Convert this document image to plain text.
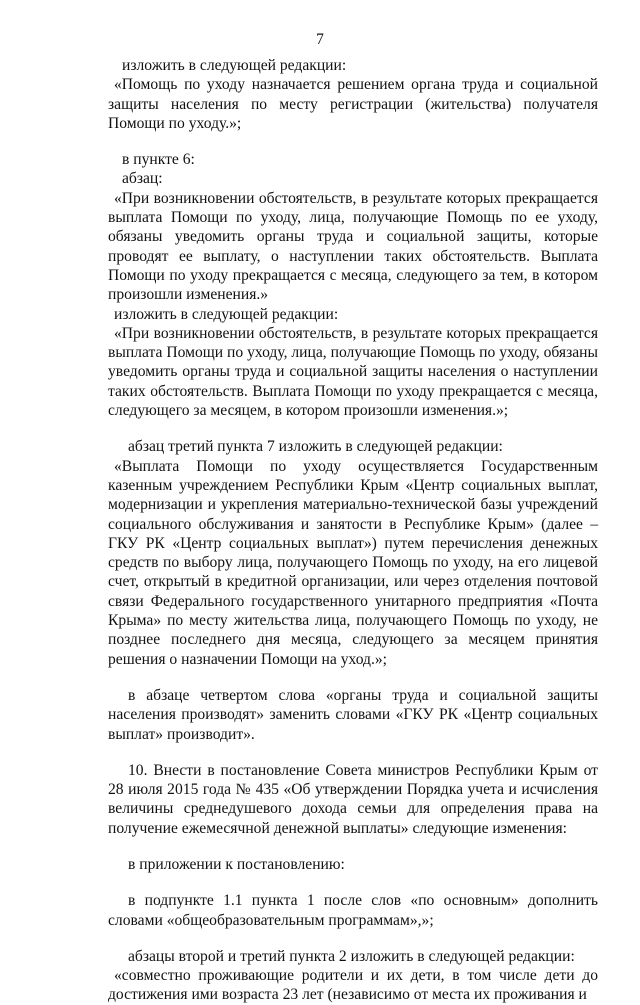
7

изложить в следующей редакции:

«Помощь по уходу назначается решением органа труда и социальной защиты населения по месту регистрации (жительства) получателя Помощи по уходу.»;

в пункте 6:

абзац:

«При возникновении обстоятельств, в результате которых прекращается выплата Помощи по уходу, лица, получающие Помощь по ее уходу, обязаны уведомить органы труда и социальной защиты, которые проводят ее выплату, о наступлении таких обстоятельств. Выплата Помощи по уходу прекращается с месяца, следующего за тем, в котором произошли изменения.»

изложить в следующей редакции:

«При возникновении обстоятельств, в результате которых прекращается выплата Помощи по уходу, лица, получающие Помощь по уходу, обязаны уведомить органы труда и социальной защиты населения о наступлении таких обстоятельств. Выплата Помощи по уходу прекращается с месяца, следующего за месяцем, в котором произошли изменения.»;

абзац третий пункта 7 изложить в следующей редакции:

«Выплата Помощи по уходу осуществляется Государственным казенным учреждением Республики Крым «Центр социальных выплат, модернизации и укрепления материально-технической базы учреждений социального обслуживания и занятости в Республике Крым» (далее – ГКУ РК «Центр социальных выплат») путем перечисления денежных средств по выбору лица, получающего Помощь по уходу, на его лицевой счет, открытый в кредитной организации, или через отделения почтовой связи Федерального государственного унитарного предприятия «Почта Крыма» по месту жительства лица, получающего Помощь по уходу, не позднее последнего дня месяца, следующего за месяцем принятия решения о назначении Помощи на уход.»;

в абзаце четвертом слова «органы труда и социальной защиты населения производят» заменить словами «ГКУ РК «Центр социальных выплат» производит».

10. Внести в постановление Совета министров Республики Крым от 28 июля 2015 года № 435 «Об утверждении Порядка учета и исчисления величины среднедушевого дохода семьи для определения права на получение ежемесячной денежной выплаты» следующие изменения:

в приложении к постановлению:

в подпункте 1.1 пункта 1 после слов «по основным» дополнить словами «общеобразовательным программам»,»;

абзацы второй и третий пункта 2 изложить в следующей редакции:

«совместно проживающие родители и их дети, в том числе дети до достижения ими возраста 23 лет (независимо от места их проживания и
